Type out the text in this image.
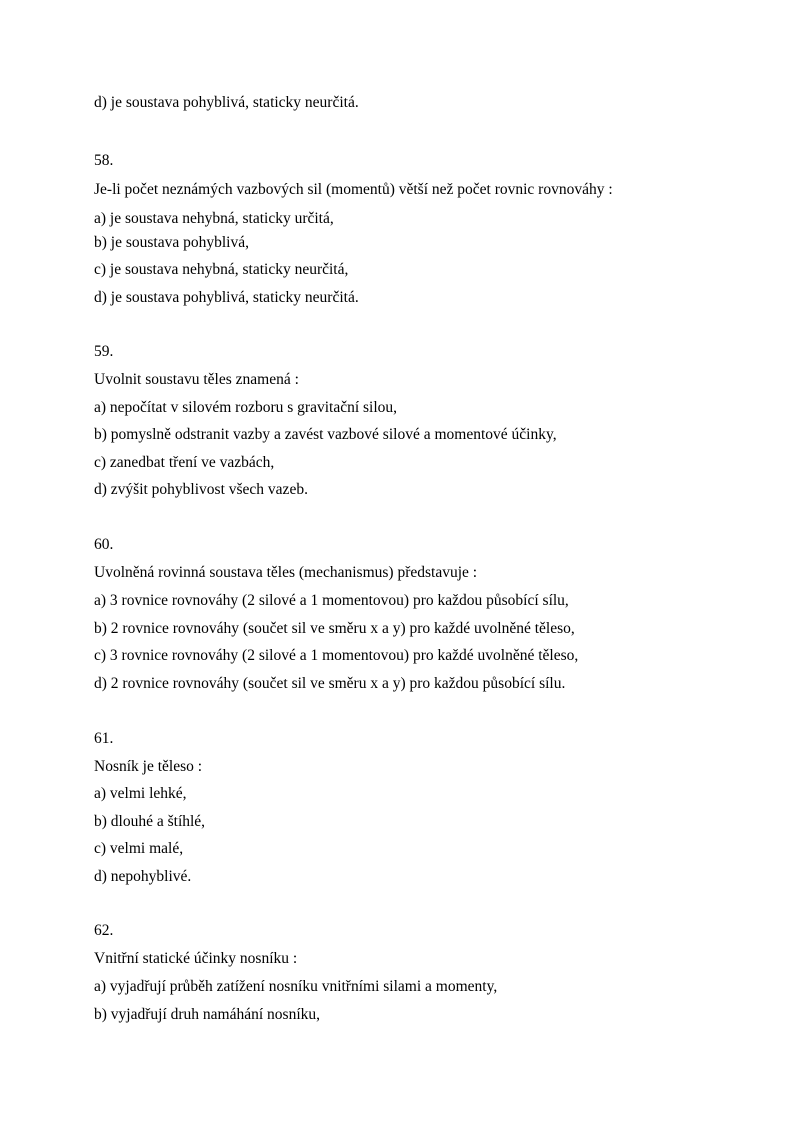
d) je soustava pohyblivá, staticky neurčitá.
58.
Je-li počet neznámých vazbových sil (momentů) větší než počet rovnic rovnováhy :
a) je soustava nehybná, staticky určitá,
b) je soustava pohyblivá,
c) je soustava nehybná, staticky neurčitá,
d) je soustava pohyblivá, staticky neurčitá.
59.
Uvolnit soustavu těles znamená :
a) nepočítat v silovém rozboru s gravitační silou,
b) pomyslně odstranit vazby a zavést vazbové silové a momentové účinky,
c) zanedbat tření ve vazbách,
d) zvýšit pohyblivost všech vazeb.
60.
Uvolněná rovinná soustava těles (mechanismus) představuje :
a) 3 rovnice rovnováhy (2 silové a 1 momentovou) pro každou působící sílu,
b) 2 rovnice rovnováhy (součet sil ve směru x a y) pro každé uvolněné těleso,
c) 3 rovnice rovnováhy (2 silové a 1 momentovou) pro každé uvolněné těleso,
d) 2 rovnice rovnováhy (součet sil ve směru x a y) pro každou působící sílu.
61.
Nosník je těleso :
a) velmi lehké,
b) dlouhé a štíhlé,
c) velmi malé,
d) nepohyblivé.
62.
Vnitřní statické účinky nosníku :
a) vyjadřují průběh zatížení nosníku vnitřními silami a momenty,
b) vyjadřují druh namáhání nosníku,
